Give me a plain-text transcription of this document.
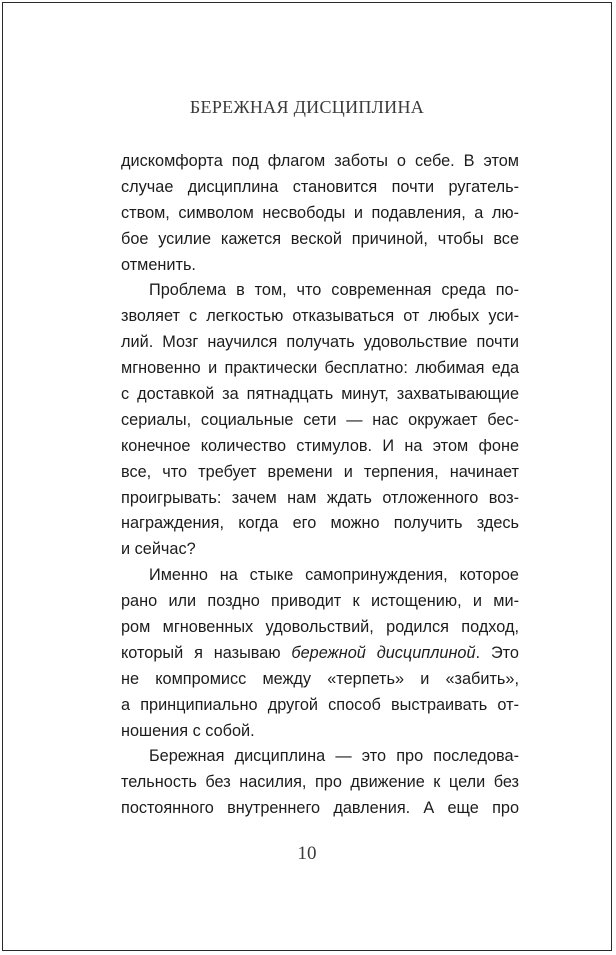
БЕРЕЖНАЯ ДИСЦИПЛИНА
дискомфорта под флагом заботы о себе. В этом
случае дисциплина становится почти ругатель-
ством, символом несвободы и подавления, а лю-
бое усилие кажется веской причиной, чтобы все
отменить.
Проблема в том, что современная среда по-
зволяет с легкостью отказываться от любых уси-
лий. Мозг научился получать удовольствие почти
мгновенно и практически бесплатно: любимая еда
с доставкой за пятнадцать минут, захватывающие
сериалы, социальные сети — нас окружает бес-
конечное количество стимулов. И на этом фоне
все, что требует времени и терпения, начинает
проигрывать: зачем нам ждать отложенного воз-
награждения, когда его можно получить здесь
и сейчас?
Именно на стыке самопринуждения, которое
рано или поздно приводит к истощению, и ми-
ром мгновенных удовольствий, родился подход,
который я называю бережной дисциплиной. Это
не компромисс между «терпеть» и «забить»,
а принципиально другой способ выстраивать от-
ношения с собой.
Бережная дисциплина — это про последова-
тельность без насилия, про движение к цели без
постоянного внутреннего давления. А еще про
10
